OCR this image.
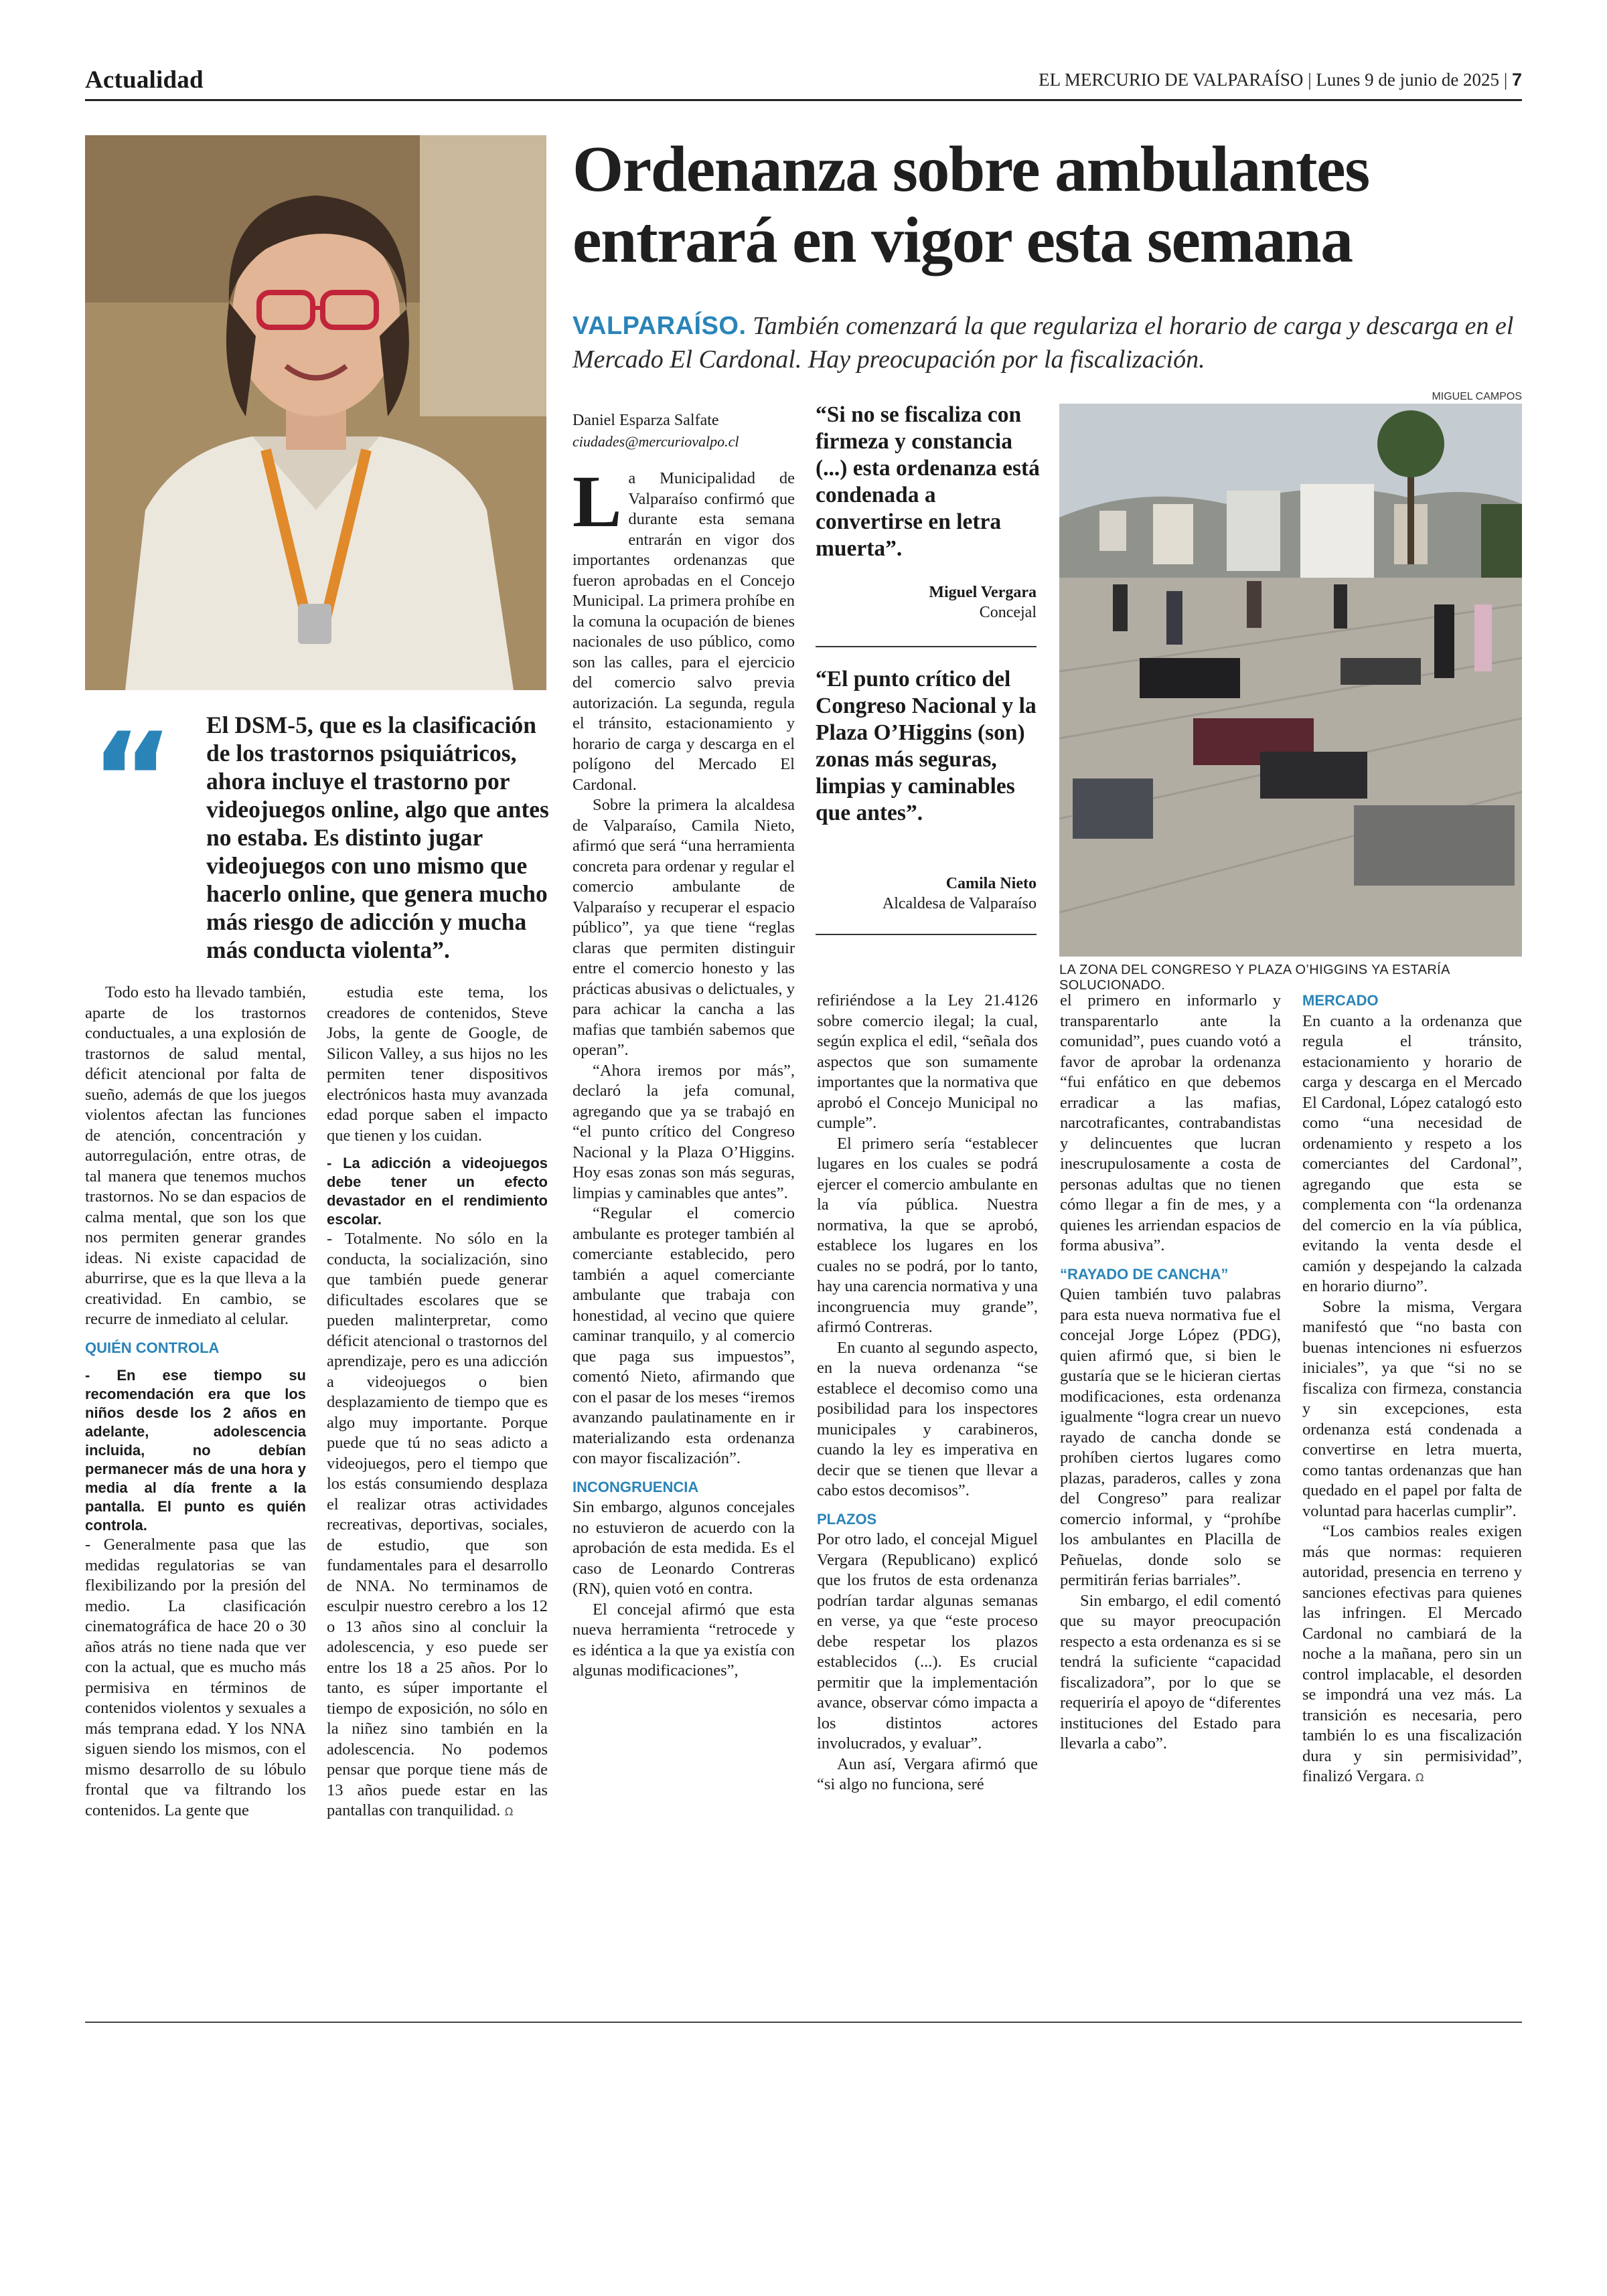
Actualidad	EL MERCURIO DE VALPARAÍSO | Lunes 9 de junio de 2025 | 7
“ El DSM-5, que es la clasificación de los trastornos psiquiátricos, ahora incluye el trastorno por videojuegos online, algo que antes no estaba. Es distinto jugar videojuegos con uno mismo que hacerlo online, que genera mucho más riesgo de adicción y mucha más conducta violenta”.

Todo esto ha llevado también, aparte de los trastornos conductuales, a una explosión de trastornos de salud mental, déficit atencional por falta de sueño, además de que los juegos violentos afectan las funciones de atención, concentración y autorregulación, entre otras, de tal manera que tenemos muchos trastornos. No se dan espacios de calma mental, que son los que nos permiten generar grandes ideas. Ni existe capacidad de aburrirse, que es la que lleva a la creatividad. En cambio, se recurre de inmediato al celular.

QUIÉN CONTROLA

- En ese tiempo su recomendación era que los niños desde los 2 años en adelante, adolescencia incluida, no debían permanecer más de una hora y media al día frente a la pantalla. El punto es quién controla.

- Generalmente pasa que las medidas regulatorias se van flexibilizando por la presión del medio. La clasificación cinematográfica de hace 20 o 30 años atrás no tiene nada que ver con la actual, que es mucho más permisiva en términos de contenidos violentos y sexuales a más temprana edad. Y los NNA siguen siendo los mismos, con el mismo desarrollo de su lóbulo frontal que va filtrando los contenidos. La gente que

estudia este tema, los creadores de contenidos, Steve Jobs, la gente de Google, de Silicon Valley, a sus hijos no les permiten tener dispositivos electrónicos hasta muy avanzada edad porque saben el impacto que tienen y los cuidan.

- La adicción a videojuegos debe tener un efecto devastador en el rendimiento escolar.

- Totalmente. No sólo en la conducta, la socialización, sino que también puede generar dificultades escolares que se pueden malinterpretar, como déficit atencional o trastornos del aprendizaje, pero es una adicción a videojuegos o bien desplazamiento de tiempo que es algo muy importante. Porque puede que tú no seas adicto a videojuegos, pero el tiempo que los estás consumiendo desplaza el realizar otras actividades recreativas, deportivas, sociales, de estudio, que son fundamentales para el desarrollo de NNA. No terminamos de esculpir nuestro cerebro a los 12 o 13 años sino al concluir la adolescencia, y eso puede ser entre los 18 a 25 años. Por lo tanto, es súper importante el tiempo de exposición, no sólo en la niñez sino también en la adolescencia. No podemos pensar que porque tiene más de 13 años puede estar en las pantallas con tranquilidad. ꭥ

Ordenanza sobre ambulantes entrará en vigor esta semana
VALPARAÍSO. También comenzará la que regulariza el horario de carga y descarga en el Mercado El Cardonal. Hay preocupación por la fiscalización.
MIGUEL CAMPOS
Daniel Esparza Salfate
ciudades@mercuriovalpo.cl

La Municipalidad de Valparaíso confirmó que durante esta semana entrarán en vigor dos importantes ordenanzas que fueron aprobadas en el Concejo Municipal. La primera prohíbe en la comuna la ocupación de bienes nacionales de uso público, como son las calles, para el ejercicio del comercio salvo previa autorización. La segunda, regula el tránsito, estacionamiento y horario de carga y descarga en el polígono del Mercado El Cardonal.

Sobre la primera la alcaldesa de Valparaíso, Camila Nieto, afirmó que será “una herramienta concreta para ordenar y regular el comercio ambulante de Valparaíso y recuperar el espacio público”, ya que tiene “reglas claras que permiten distinguir entre el comercio honesto y las prácticas abusivas o delictuales, y para achicar la cancha a las mafias que también sabemos que operan”.

“Ahora iremos por más”, declaró la jefa comunal, agregando que ya se trabajó en “el punto crítico del Congreso Nacional y la Plaza O’Higgins. Hoy esas zonas son más seguras, limpias y caminables que antes”.

“Regular el comercio ambulante es proteger también al comerciante establecido, pero también a aquel comerciante ambulante que trabaja con honestidad, al vecino que quiere caminar tranquilo, y al comercio que paga sus impuestos”, comentó Nieto, afirmando que con el pasar de los meses “iremos avanzando paulatinamente en ir materializando esta ordenanza con mayor fiscalización”.

INCONGRUENCIA

Sin embargo, algunos concejales no estuvieron de acuerdo con la aprobación de esta medida. Es el caso de Leonardo Contreras (RN), quien votó en contra.

El concejal afirmó que esta nueva herramienta “retrocede y es idéntica a la que ya existía con algunas modificaciones”,

“Si no se fiscaliza con firmeza y constancia (...) esta ordenanza está condenada a convertirse en letra muerta”.
Miguel Vergara
Concejal
“El punto crítico del Congreso Nacional y la Plaza O’Higgins (son) zonas más seguras, limpias y caminables que antes”.
Camila Nieto
Alcaldesa de Valparaíso
LA ZONA DEL CONGRESO Y PLAZA O’HIGGINS YA ESTARÍA SOLUCIONADO.

refiriéndose a la Ley 21.4126 sobre comercio ilegal; la cual, según explica el edil, “señala dos aspectos que son sumamente importantes que la normativa que aprobó el Concejo Municipal no cumple”.

El primero sería “establecer lugares en los cuales se podrá ejercer el comercio ambulante en la vía pública. Nuestra normativa, la que se aprobó, establece los lugares en los cuales no se podrá, por lo tanto, hay una carencia normativa y una incongruencia muy grande”, afirmó Contreras.

En cuanto al segundo aspecto, en la nueva ordenanza “se establece el decomiso como una posibilidad para los inspectores municipales y carabineros, cuando la ley es imperativa en decir que se tienen que llevar a cabo estos decomisos”.

PLAZOS

Por otro lado, el concejal Miguel Vergara (Republicano) explicó que los frutos de esta ordenanza podrían tardar algunas semanas en verse, ya que “este proceso debe respetar los plazos establecidos (...). Es crucial permitir que la implementación avance, observar cómo impacta a los distintos actores involucrados, y evaluar”.

Aun así, Vergara afirmó que “si algo no funciona, seré

el primero en informarlo y transparentarlo ante la comunidad”, pues cuando votó a favor de aprobar la ordenanza “fui enfático en que debemos erradicar a las mafias, narcotraficantes, contrabandistas y delincuentes que lucran inescrupulosamente a costa de personas adultas que no tienen cómo llegar a fin de mes, y a quienes les arriendan espacios de forma abusiva”.

“RAYADO DE CANCHA”

Quien también tuvo palabras para esta nueva normativa fue el concejal Jorge López (PDG), quien afirmó que, si bien le gustaría que se le hicieran ciertas modificaciones, esta ordenanza igualmente “logra crear un nuevo rayado de cancha donde se prohíben ciertos lugares como plazas, paraderos, calles y zona del Congreso” para realizar comercio informal, y “prohíbe los ambulantes en Placilla de Peñuelas, donde solo se permitirán ferias barriales”.

Sin embargo, el edil comentó que su mayor preocupación respecto a esta ordenanza es si se tendrá la suficiente “capacidad fiscalizadora”, por lo que se requeriría el apoyo de “diferentes instituciones del Estado para llevarla a cabo”.

MERCADO

En cuanto a la ordenanza que regula el tránsito, estacionamiento y horario de carga y descarga en el Mercado El Cardonal, López catalogó esto como “una necesidad de ordenamiento y respeto a los comerciantes del Cardonal”, agregando que esta se complementa con “la ordenanza del comercio en la vía pública, evitando la venta desde el camión y despejando la calzada en horario diurno”.

Sobre la misma, Vergara manifestó que “no basta con buenas intenciones ni esfuerzos iniciales”, ya que “si no se fiscaliza con firmeza, constancia y sin excepciones, esta ordenanza está condenada a convertirse en letra muerta, como tantas ordenanzas que han quedado en el papel por falta de voluntad para hacerlas cumplir”.

“Los cambios reales exigen más que normas: requieren autoridad, presencia en terreno y sanciones efectivas para quienes las infringen. El Mercado Cardonal no cambiará de la noche a la mañana, pero sin un control implacable, el desorden se impondrá una vez más. La transición es necesaria, pero también lo es una fiscalización dura y sin permisividad”, finalizó Vergara. ꭥ
